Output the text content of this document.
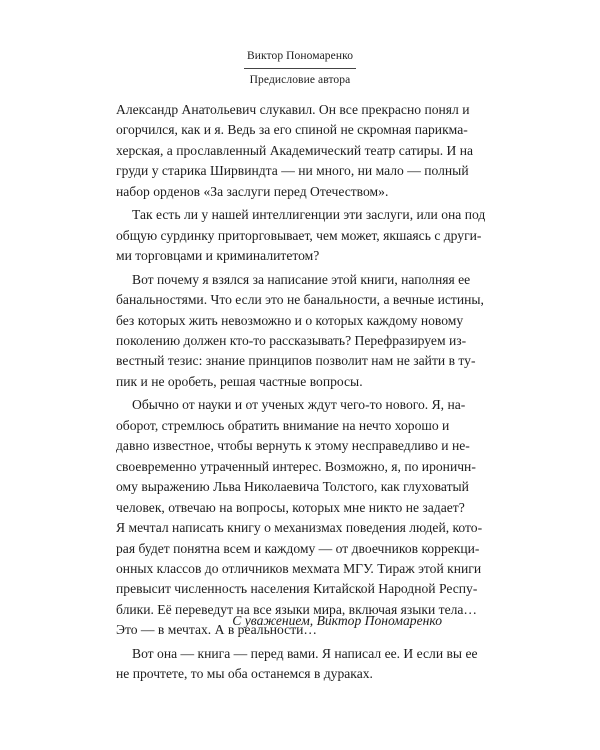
Виктор Пономаренко
Предисловие автора

Александр Анатольевич слукавил. Он все прекрасно понял и
огорчился, как и я. Ведь за его спиной не скромная парикма-
херская, а прославленный Академический театр сатиры. И на
груди у старика Ширвиндта — ни много, ни мало — полный
набор орденов «За заслуги перед Отечеством».

Так есть ли у нашей интеллигенции эти заслуги, или она под
общую сурдинку приторговывает, чем может, якшаясь с други-
ми торговцами и криминалитетом?

Вот почему я взялся за написание этой книги, наполняя ее
банальностями. Что если это не банальности, а вечные истины,
без которых жить невозможно и о которых каждому новому
поколению должен кто-то рассказывать? Перефразируем из-
вестный тезис: знание принципов позволит нам не зайти в ту-
пик и не оробеть, решая частные вопросы.

Обычно от науки и от ученых ждут чего-то нового. Я, на-
оборот, стремлюсь обратить внимание на нечто хорошо и
давно известное, чтобы вернуть к этому несправедливо и не-
своевременно утраченный интерес. Возможно, я, по ироничн-
ому выражению Льва Николаевича Толстого, как глуховатый
человек, отвечаю на вопросы, которых мне никто не задает?
Я мечтал написать книгу о механизмах поведения людей, кото-
рая будет понятна всем и каждому — от двоечников коррекци-
онных классов до отличников мехмата МГУ. Тираж этой книги
превысит численность населения Китайской Народной Респу-
блики. Её переведут на все языки мира, включая языки тела…
Это — в мечтах. А в реальности…

Вот она — книга — перед вами. Я написал ее. И если вы ее
не прочтете, то мы оба останемся в дураках.

С уважением, Виктор Пономаренко
